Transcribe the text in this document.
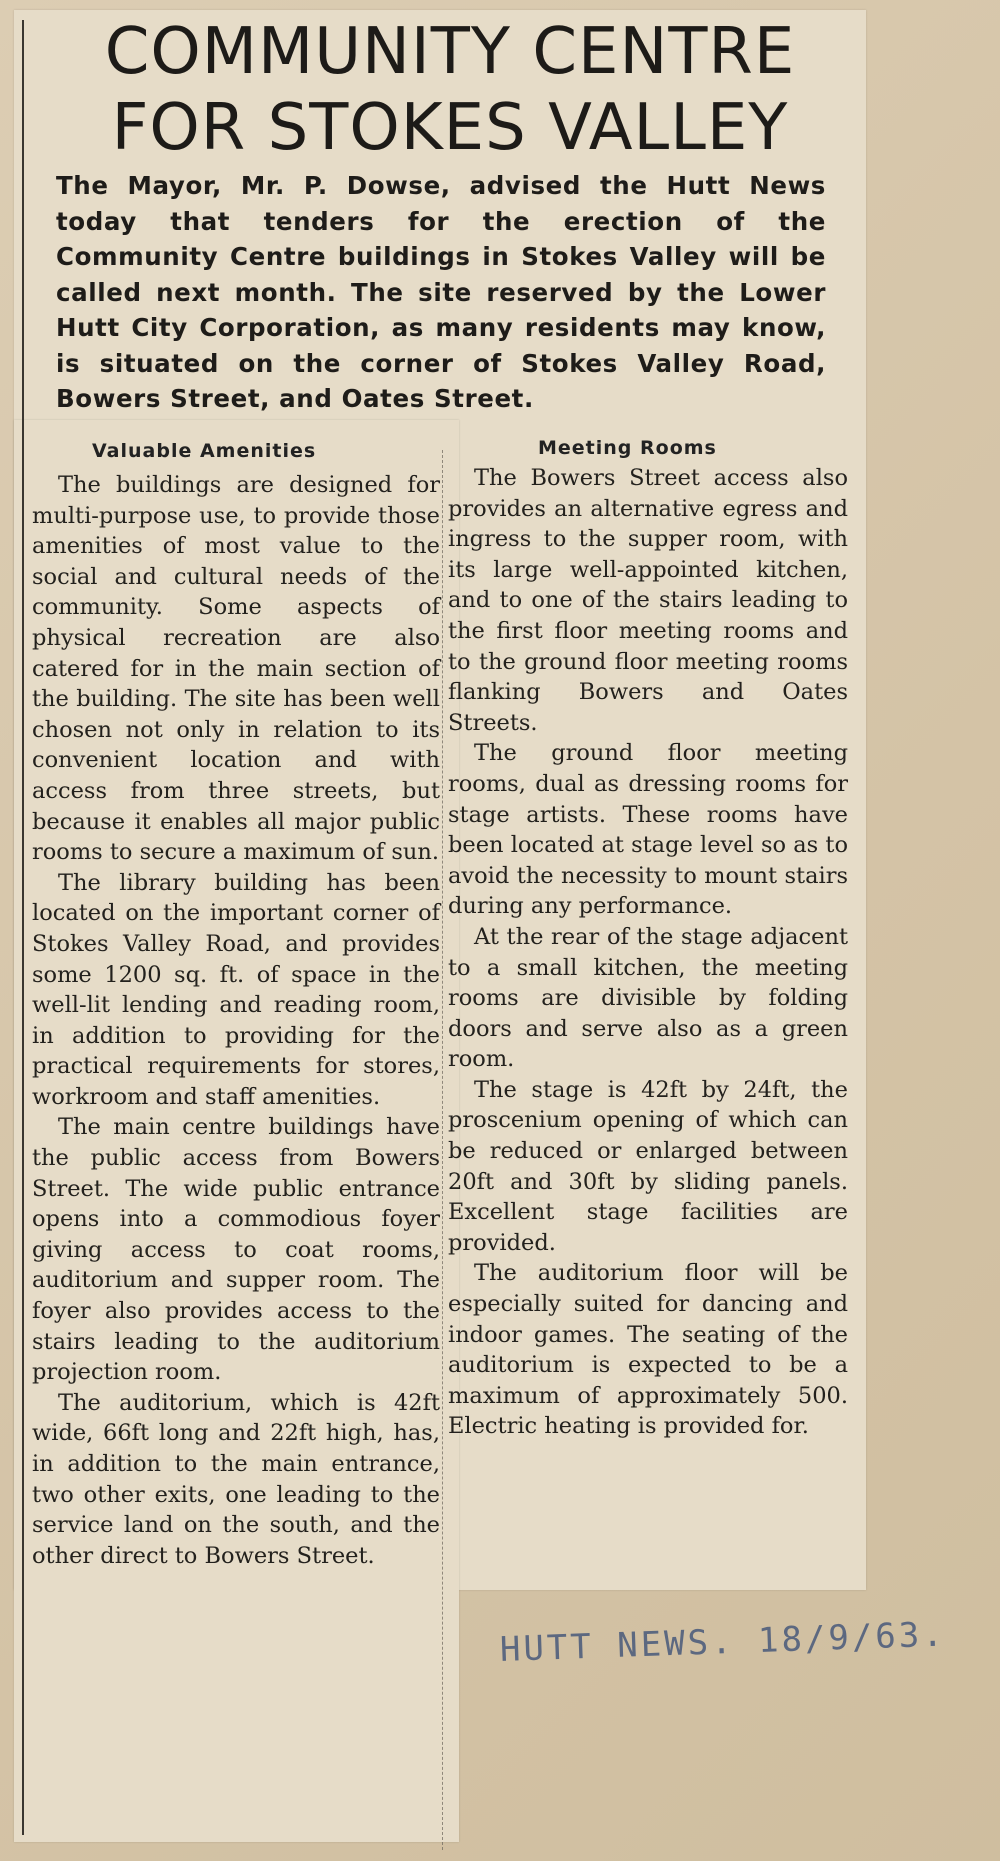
COMMUNITY CENTRE
FOR STOKES VALLEY

The Mayor, Mr. P. Dowse, advised the Hutt News today that tenders for the erection of the Community Centre buildings in Stokes Valley will be called next month. The site reserved by the Lower Hutt City Corporation, as many residents may know, is situated on the corner of Stokes Valley Road, Bowers Street, and Oates Street.

Valuable Amenities	Meeting Rooms

The buildings are designed for multi-purpose use, to provide those amenities of most value to the social and cultural needs of the community. Some aspects of physical recreation are also catered for in the main section of the building. The site has been well chosen not only in relation to its convenient location and with access from three streets, but because it enables all major public rooms to secure a maximum of sun.

The library building has been located on the important corner of Stokes Valley Road, and provides some 1200 sq. ft. of space in the well-lit lending and reading room, in addition to providing for the practical requirements for stores, workroom and staff amenities.

The main centre buildings have the public access from Bowers Street. The wide public entrance opens into a commodious foyer giving access to coat rooms, auditorium and supper room. The foyer also provides access to the stairs leading to the auditorium projection room.

The auditorium, which is 42ft wide, 66ft long and 22ft high, has, in addition to the main entrance, two other exits, one leading to the service land on the south, and the other direct to Bowers Street.

The Bowers Street access also provides an alternative egress and ingress to the supper room, with its large well-appointed kitchen, and to one of the stairs leading to the first floor meeting rooms and to the ground floor meeting rooms flanking Bowers and Oates Streets.

The ground floor meeting rooms, dual as dressing rooms for stage artists. These rooms have been located at stage level so as to avoid the necessity to mount stairs during any performance.

At the rear of the stage adjacent to a small kitchen, the meeting rooms are divisible by folding doors and serve also as a green room.

The stage is 42ft by 24ft, the proscenium opening of which can be reduced or enlarged between 20ft and 30ft by sliding panels. Excellent stage facilities are provided.

The auditorium floor will be especially suited for dancing and indoor games. The seating of the auditorium is expected to be a maximum of approximately 500. Electric heating is provided for.

HUTT NEWS. 18/9/63.
